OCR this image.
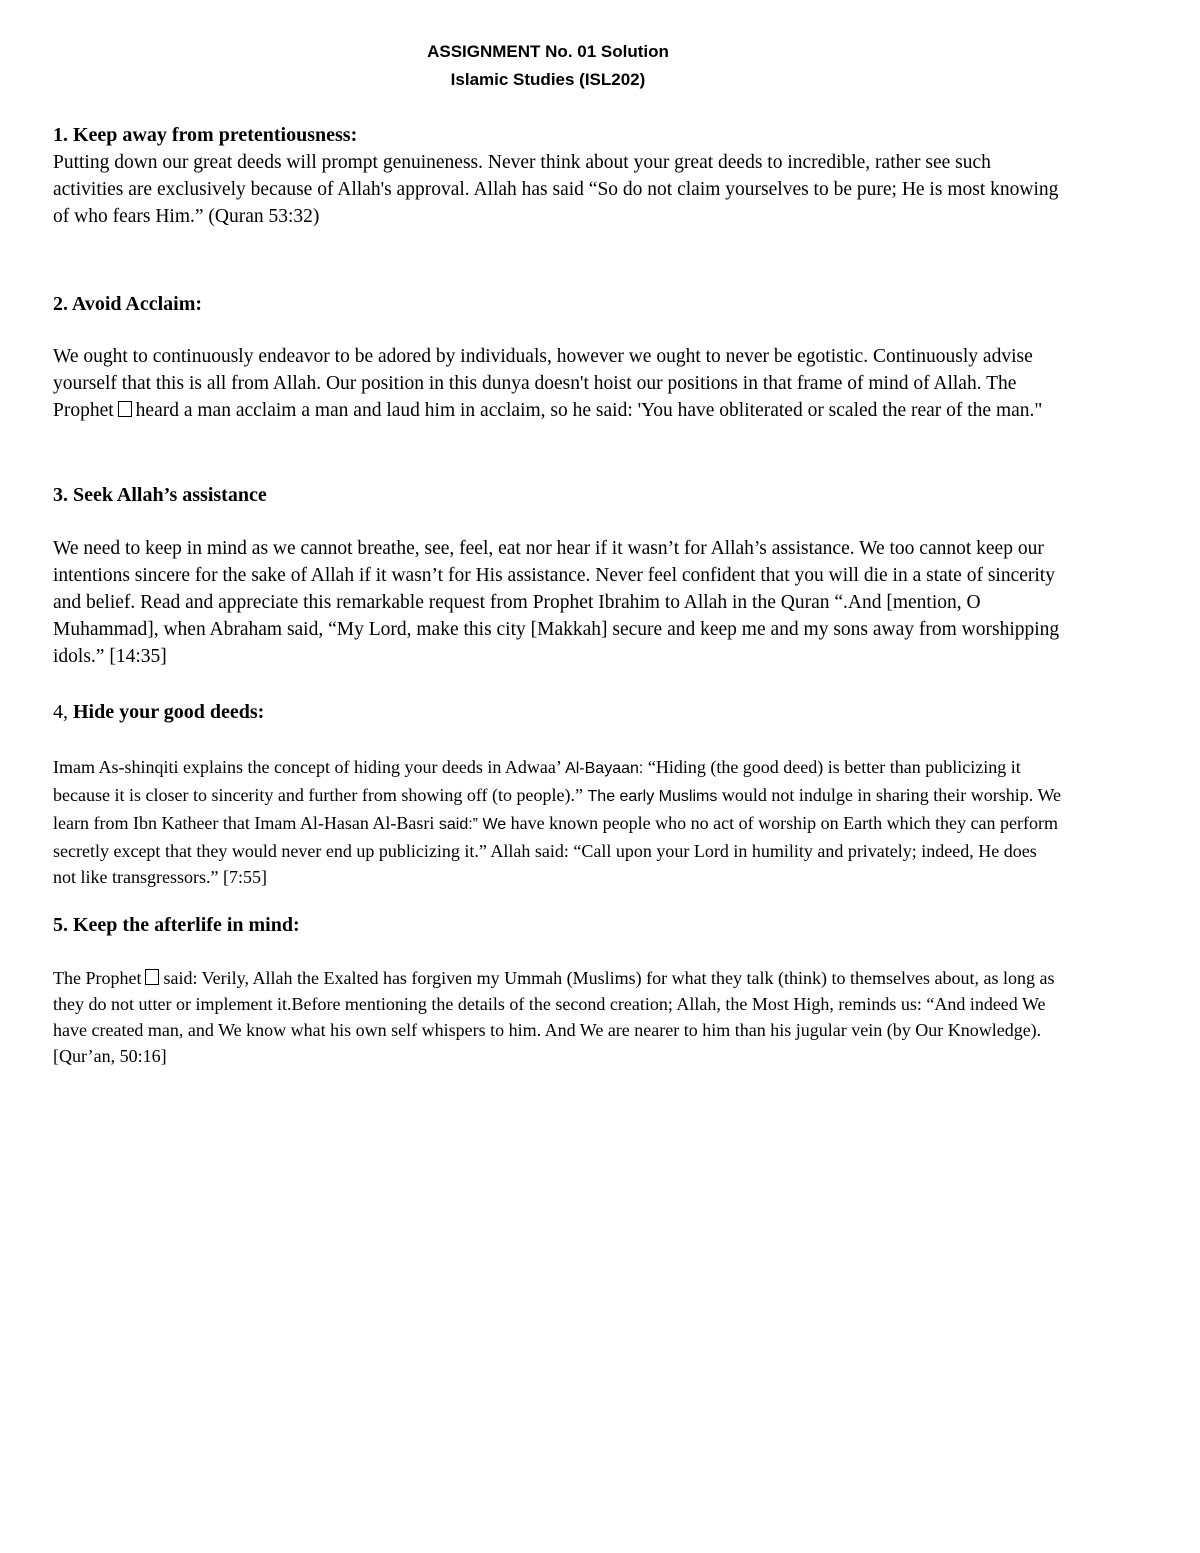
ASSIGNMENT No. 01 Solution
Islamic Studies (ISL202)

1. Keep away from pretentiousness:

Putting down our great deeds will prompt genuineness. Never think about your great deeds to incredible, rather see such activities are exclusively because of Allah's approval. Allah has said “So do not claim yourselves to be pure; He is most knowing of who fears Him.” (Quran 53:32)

2. Avoid Acclaim:

We ought to continuously endeavor to be adored by individuals, however we ought to never be egotistic. Continuously advise yourself that this is all from Allah. Our position in this dunya doesn't hoist our positions in that frame of mind of Allah. The Prophet heard a man acclaim a man and laud him in acclaim, so he said: 'You have obliterated or scaled the rear of the man."

3. Seek Allah’s assistance

We need to keep in mind as we cannot breathe, see, feel, eat nor hear if it wasn’t for Allah’s assistance. We too cannot keep our intentions sincere for the sake of Allah if it wasn’t for His assistance. Never feel confident that you will die in a state of sincerity and belief. Read and appreciate this remarkable request from Prophet Ibrahim to Allah in the Quran “.And [mention, O Muhammad], when Abraham said, “My Lord, make this city [Makkah] secure and keep me and my sons away from worshipping idols.” [14:35]

4, Hide your good deeds:

Imam As-shinqiti explains the concept of hiding your deeds in Adwaa’ Al-Bayaan: “Hiding (the good deed) is better than publicizing it because it is closer to sincerity and further from showing off (to people).” The early Muslims would not indulge in sharing their worship. We learn from Ibn Katheer that Imam Al-Hasan Al-Basri said:” We have known people who no act of worship on Earth which they can perform secretly except that they would never end up publicizing it.” Allah said: “Call upon your Lord in humility and privately; indeed, He does not like transgressors.” [7:55]

5. Keep the afterlife in mind:

The Prophet said: Verily, Allah the Exalted has forgiven my Ummah (Muslims) for what they talk (think) to themselves about, as long as they do not utter or implement it.Before mentioning the details of the second creation; Allah, the Most High, reminds us: “And indeed We have created man, and We know what his own self whispers to him. And We are nearer to him than his jugular vein (by Our Knowledge). [Qur’an, 50:16]
